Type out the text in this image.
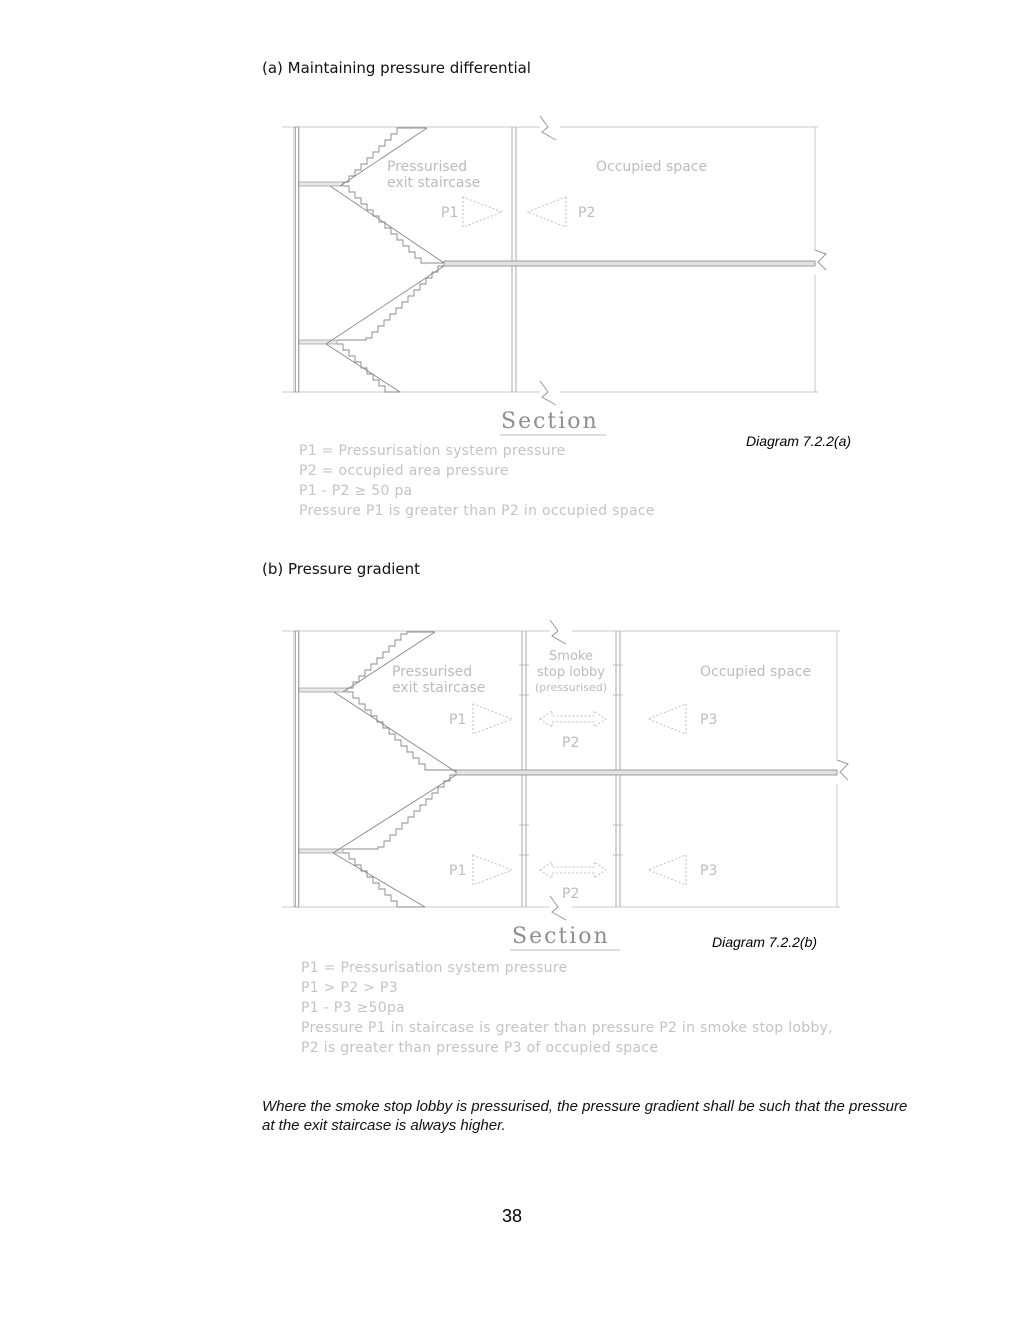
(a) Maintaining pressure differential
(b) Pressure gradient
Pressurised
exit staircase
Occupied space
P1	P2
Section
Pressurised
exit staircase
Smoke
stop lobby
(pressurised)
Occupied space
P1
P2
P3
P1
P2
P3
Section
Diagram 7.2.2(a)
Diagram 7.2.2(b)
P1 = Pressurisation system pressure
P2 = occupied area pressure
P1 - P2 ≥ 50 pa
Pressure P1 is greater than P2 in occupied space
P1 = Pressurisation system pressure
P1 > P2 > P3
P1 - P3 ≥50pa
Pressure P1 in staircase is greater than pressure P2 in smoke stop lobby,
P2 is greater than pressure P3 of occupied space
Where the smoke stop lobby is pressurised, the pressure gradient shall be such that the pressure at the exit staircase is always higher.
38
